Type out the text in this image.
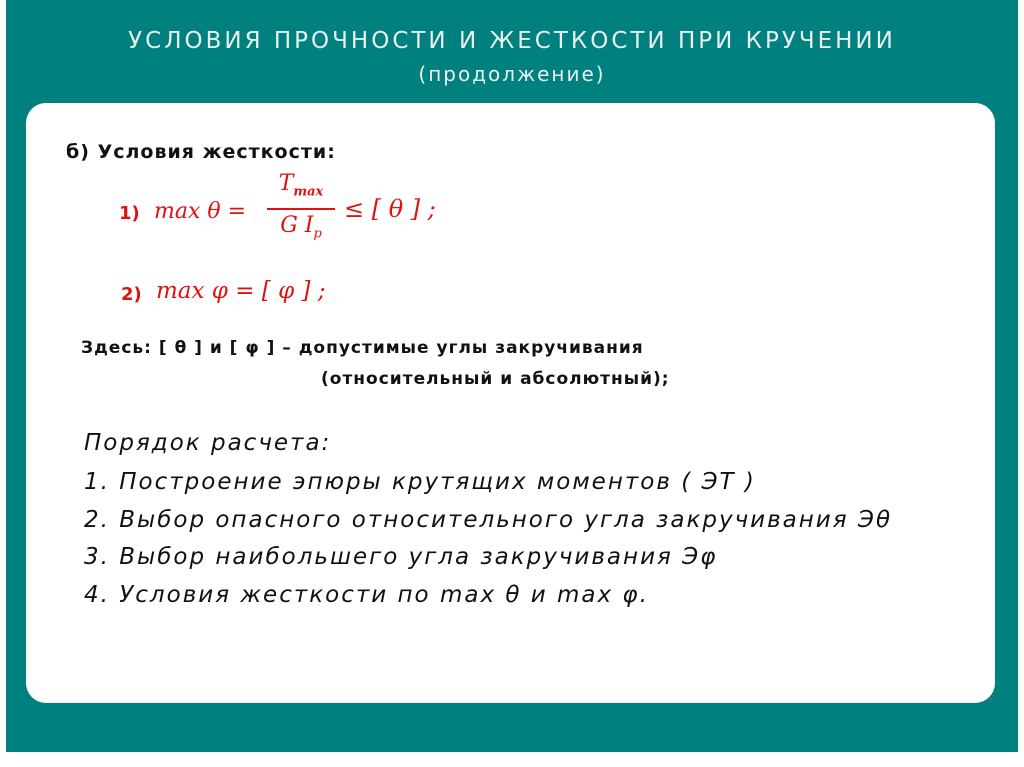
УСЛОВИЯ ПРОЧНОСТИ И ЖЕСТКОСТИ ПРИ КРУЧЕНИИ
(продолжение)
б) Условия жесткости:
1) max θ =
$T_{max}$
G $I_p$
≤ [ θ ] ;
2) max φ = [ φ ] ;
Здесь: [ θ ] и [ φ ] – допустимые углы закручивания
(относительный и абсолютный);
Порядок расчета:
1. Построение эпюры крутящих моментов ( ЭТ )
2. Выбор опасного относительного угла закручивания Эθ
3. Выбор наибольшего угла закручивания Эφ
4. Условия жесткости по max θ и max φ.
